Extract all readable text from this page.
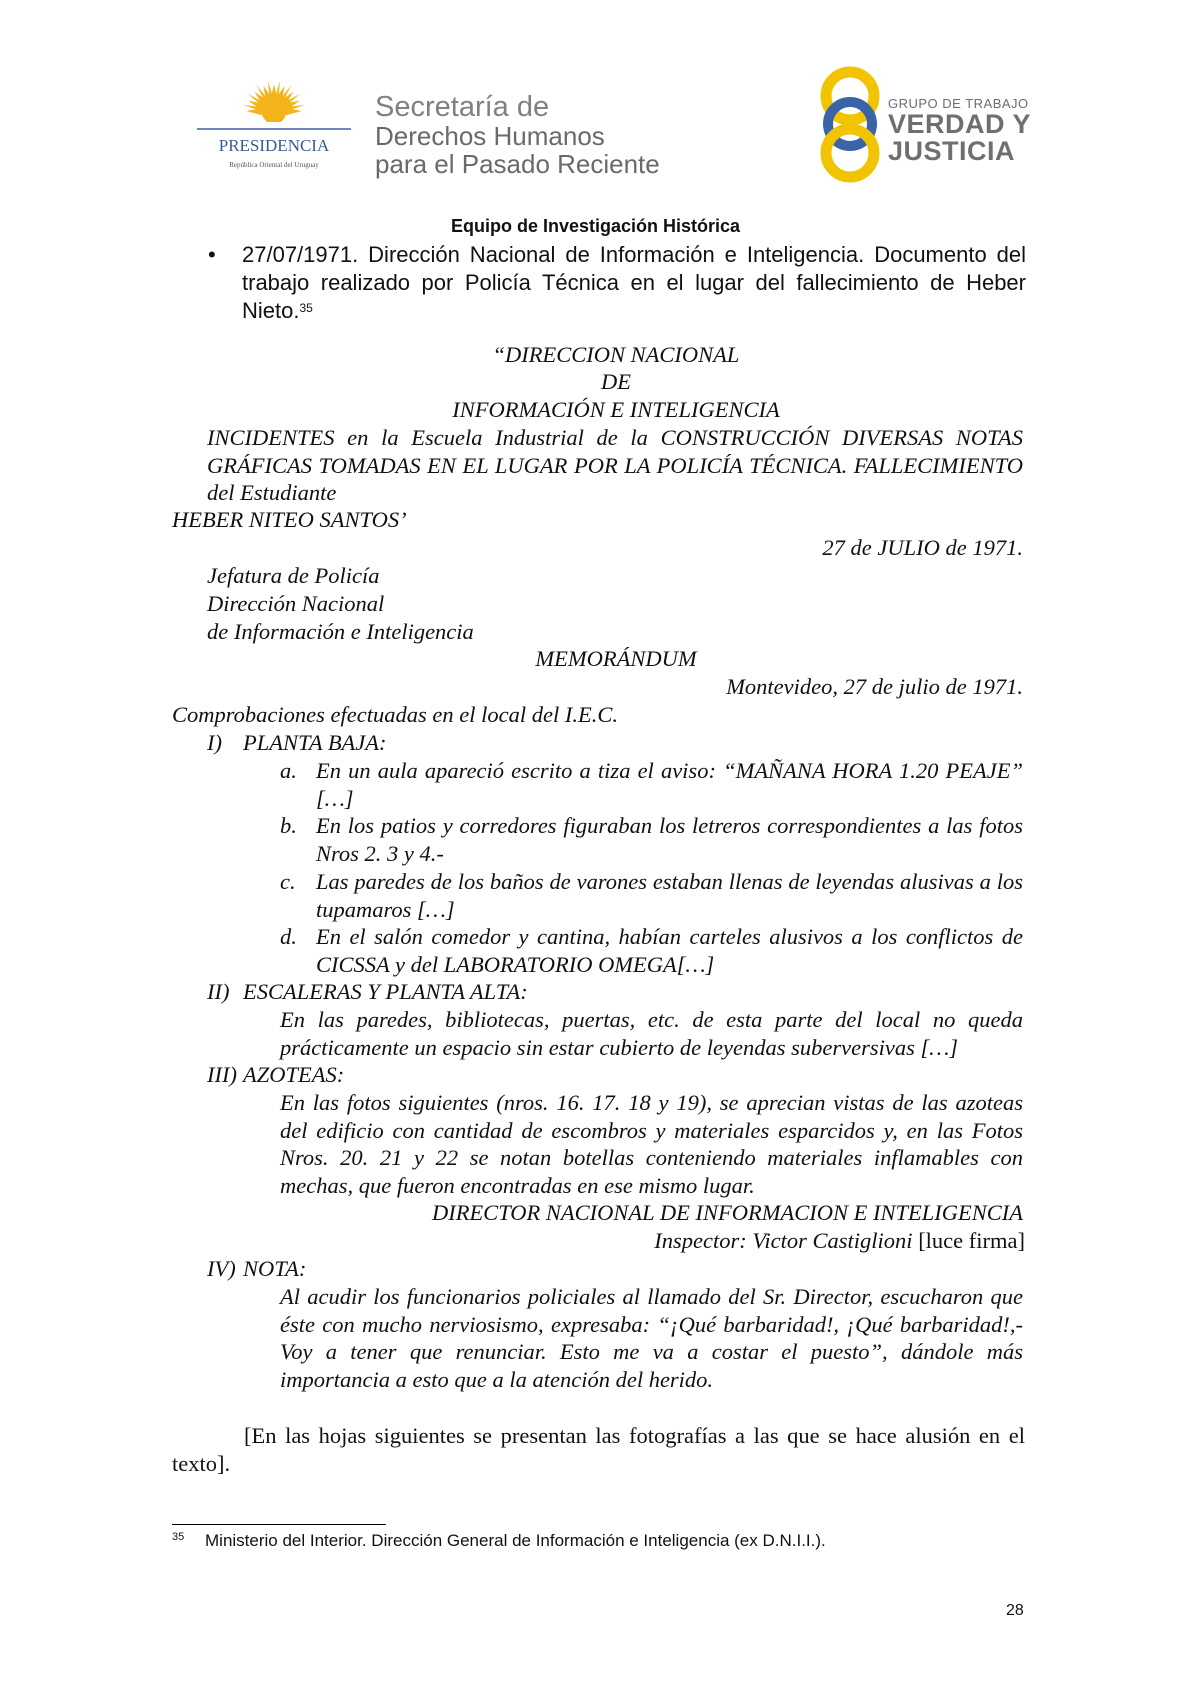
PRESIDENCIA
República Oriental del Uruguay
Secretaría de
Derechos Humanos
para el Pasado Reciente
GRUPO DE TRABAJO
VERDAD Y
JUSTICIA
Equipo de Investigación Histórica
• 27/07/1971. Dirección Nacional de Información e Inteligencia. Documento del trabajo realizado por Policía Técnica en el lugar del fallecimiento de Heber Nieto.$^{35}$
“DIRECCION NACIONAL
DE
INFORMACIÓN E INTELIGENCIA
INCIDENTES en la Escuela Industrial de la CONSTRUCCIÓN DIVERSAS NOTAS GRÁFICAS TOMADAS EN EL LUGAR POR LA POLICÍA TÉCNICA. FALLECIMIENTO del Estudiante
HEBER NITEO SANTOS’
27 de JULIO de 1971.
Jefatura de Policía
Dirección Nacional
de Información e Inteligencia
MEMORÁNDUM
Montevideo, 27 de julio de 1971.
Comprobaciones efectuadas en el local del I.E.C.
I) PLANTA BAJA:
a. En un aula apareció escrito a tiza el aviso: “MAÑANA HORA 1.20 PEAJE” […]
b. En los patios y corredores figuraban los letreros correspondientes a las fotos Nros 2. 3 y 4.-
c. Las paredes de los baños de varones estaban llenas de leyendas alusivas a los tupamaros […]
d. En el salón comedor y cantina, habían carteles alusivos a los conflictos de CICSSA y del LABORATORIO OMEGA[…]
II) ESCALERAS Y PLANTA ALTA:
En las paredes, bibliotecas, puertas, etc. de esta parte del local no queda prácticamente un espacio sin estar cubierto de leyendas suberversivas […]
III) AZOTEAS:
En las fotos siguientes (nros. 16. 17. 18 y 19), se aprecian vistas de las azoteas del edificio con cantidad de escombros y materiales esparcidos y, en las Fotos Nros. 20. 21 y 22 se notan botellas conteniendo materiales inflamables con mechas, que fueron encontradas en ese mismo lugar.
DIRECTOR NACIONAL DE INFORMACION E INTELIGENCIA
Inspector: Victor Castiglioni [luce firma]
IV) NOTA:
Al acudir los funcionarios policiales al llamado del Sr. Director, escucharon que éste con mucho nerviosismo, expresaba: “¡Qué barbaridad!, ¡Qué barbaridad!,-Voy a tener que renunciar. Esto me va a costar el puesto”, dándole más importancia a esto que a la atención del herido.
[En las hojas siguientes se presentan las fotografías a las que se hace alusión en el texto].
35 Ministerio del Interior. Dirección General de Información e Inteligencia (ex D.N.I.I.).
28
